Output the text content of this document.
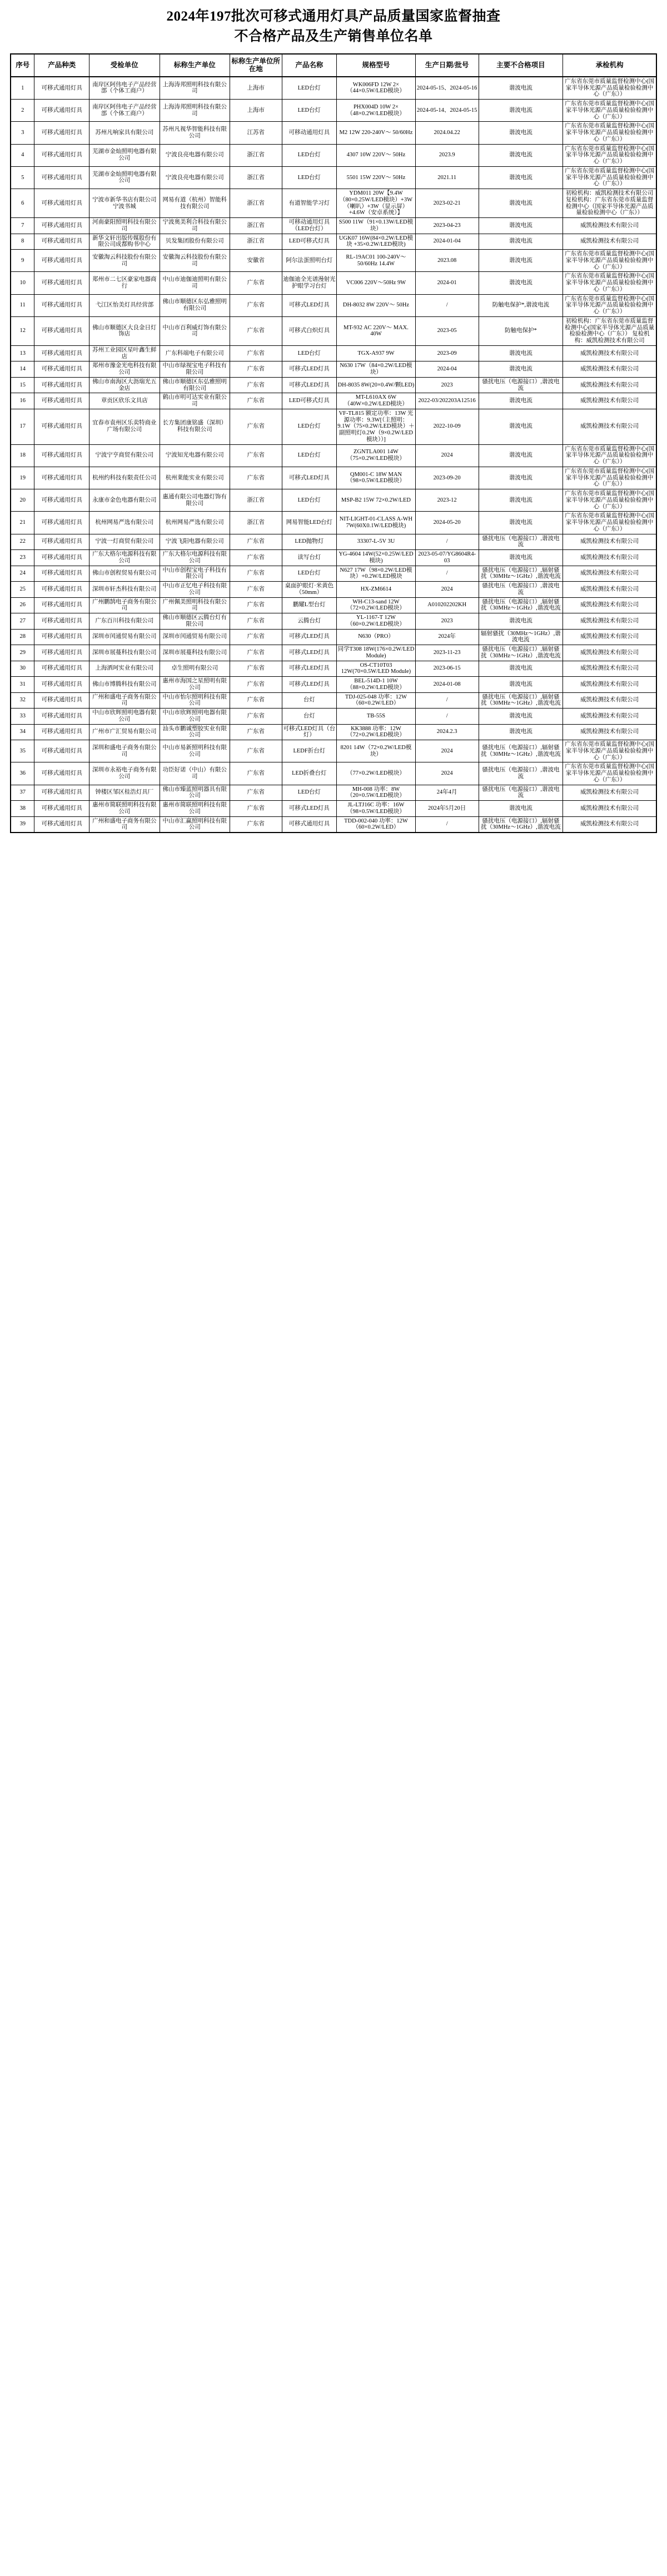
2024年197批次可移式通用灯具产品质量国家监督抽查
不合格产品及生产销售单位名单
序号	产品种类	受检单位	标称生产单位	标称生产单位所在地	产品名称	规格型号	生产日期/批号	主要不合格项目	承检机构
1	可移式通用灯具	南岸区阿伟电子产品经营部（个体工商户）	上海涛邦照明科技有限公司	上海市	LED台灯	WK006FD 12W 2×（44×0.5W/LED模块）	2024-05-15、2024-05-16	谐波电流	广东省东莞市质量监督检测中心(国家半导体光源产品质量检验检测中心（广东））
2	可移式通用灯具	南岸区阿伟电子产品经营部（个体工商户）	上海涛邦照明科技有限公司	上海市	LED台灯	PHX004D 10W 2×（48×0.2W/LED模块）	2024-05-14、2024-05-15	谐波电流	广东省东莞市质量监督检测中心(国家半导体光源产品质量检验检测中心（广东））
3	可移式通用灯具	苏州凡响家具有限公司	苏州凡视华智能科技有限公司	江苏省	可移动通用灯具	M2 12W 220-240V～ 50/60Hz	2024.04.22	谐波电流	广东省东莞市质量监督检测中心(国家半导体光源产品质量检验检测中心（广东））
4	可移式通用灯具	芜湖市金灿照明电器有限公司	宁波良亮电器有限公司	浙江省	LED台灯	4307 10W 220V～ 50Hz	2023.9	谐波电流	广东省东莞市质量监督检测中心(国家半导体光源产品质量检验检测中心（广东））
5	可移式通用灯具	芜湖市金灿照明电器有限公司	宁波良亮电器有限公司	浙江省	LED台灯	5501 15W 220V～ 50Hz	2021.11	谐波电流	广东省东莞市质量监督检测中心(国家半导体光源产品质量检验检测中心（广东））
6	可移式通用灯具	宁波市新华书店有限公司宁波书城	网易有道（杭州）智能科技有限公司	浙江省	有道智能学习灯	YDM011 20W【9.4W（80×0.25W/LED模块）+3W（喇叭）+3W（显示屏）+4.6W（安卓系统）】	2023-02-21	谐波电流	初检机构：威凯检测技术有限公司 复检机构：广东省东莞市质量监督检测中心（国家半导体光源产品质量检验检测中心（广东））
7	可移式通用灯具	河南豪阳照明科技有限公司	宁波奥美利合科技有限公司	浙江省	可移动通用灯具（LED台灯）	S500 11W（91×0.13W/LED模块）	2023-04-23	谐波电流	威凯检测技术有限公司
8	可移式通用灯具	新华文轩出版传媒股份有限公司成都购书中心	贝发集团股份有限公司	浙江省	LED可移式灯具	UGK07 16W(84×0.2W/LED模块 +35×0.2W/LED模块)	2024-01-04	谐波电流	威凯检测技术有限公司
9	可移式通用灯具	安徽淘云科技股份有限公司	安徽淘云科技股份有限公司	安徽省	阿尔法蛋照明台灯	RL-19AC01 100-240V～50/60Hz 14.4W	2023.08	谐波电流	广东省东莞市质量监督检测中心(国家半导体光源产品质量检验检测中心（广东））
10	可移式通用灯具	郑州市二七区豪家电器商行	中山市迪伽迪照明有限公司	广东省	迪伽迪全光谱漫射光护眼学习台灯	VC006 220V～50Hz 9W	2024-01	谐波电流	广东省东莞市质量监督检测中心(国家半导体光源产品质量检验检测中心（广东））
11	可移式通用灯具	弋江区怡美灯具经营部	佛山市顺德区东弘雅照明有限公司	广东省	可移式LED灯具	DH-8032 8W 220V～ 50Hz	/	防触电保护*,谐波电流	广东省东莞市质量监督检测中心(国家半导体光源产品质量检验检测中心（广东））
12	可移式通用灯具	佛山市顺德区大良金日灯饰店	中山市百利威灯饰有限公司	广东省	可移式白炽灯具	MT-932 AC 220V～ MAX. 40W	2023-05	防触电保护*	初检机构：广东省东莞市质量监督检测中心(国家半导体光源产品质量检验检测中心（广东）） 复检机构：威凯检测技术有限公司
13	可移式通用灯具	苏州工业园区星叶鑫生鲜店	广东科端电子有限公司	广东省	LED台灯	TGX-A937 9W	2023-09	谐波电流	威凯检测技术有限公司
14	可移式通用灯具	郑州市豫金光电科技有限公司	中山市绿视宝电子科技有限公司	广东省	可移式LED灯具	N630 17W（84×0.2W/LED模块）	2024-04	谐波电流	威凯检测技术有限公司
15	可移式通用灯具	佛山市南海区大沥瑞光五金店	佛山市顺德区东弘雅照明有限公司	广东省	可移式LED灯具	DH-8035 8W(20×0.4W/颗LED)	2023	骚扰电压（电源接口）,谐波电流	威凯检测技术有限公司
16	可移式通用灯具	章贡区欣乐文具店	鹤山市明可达实业有限公司	广东省	LED可移式灯具	MT-L610AX 6W（40W×0.2W/LED模块）	2022-03/202203A12516	谐波电流	威凯检测技术有限公司
17	可移式通用灯具	宜春市袁州区乐卖特商业广场有限公司	长方集团康铭盛（深圳）科技有限公司	广东省	LED台灯	VF-TL815 额定功率：13W 光源功率：9.3W[（主照明：9.1W（75×0.2W/LED模块）＋副照明灯0.2W（9×0.2W/LED模块））]	2022-10-09	谐波电流	威凯检测技术有限公司
18	可移式通用灯具	宁波宁亨商贸有限公司	宁波知光电器有限公司	广东省	LED台灯	ZGNTLA001 14W（75×0.2W/LED模块）	2024	谐波电流	广东省东莞市质量监督检测中心(国家半导体光源产品质量检验检测中心（广东））
19	可移式通用灯具	杭州约科技有限责任公司	杭州莱能实业有限公司	广东省	可移式LED灯具	QM001-C 18W MAN（98×0.5W/LED模块）	2023-09-20	谐波电流	广东省东莞市质量监督检测中心(国家半导体光源产品质量检验检测中心（广东））
20	可移式通用灯具	永康市金色电器有限公司	惠通有限公司电器灯饰有限公司	浙江省	LED台灯	MSP-B2 15W 72×0.2W/LED	2023-12	谐波电流	广东省东莞市质量监督检测中心(国家半导体光源产品质量检验检测中心（广东））
21	可移式通用灯具	杭州网易严选有限公司	杭州网易严选有限公司	浙江省	网易智能LED台灯	NIT-LIGHT-01-CLASS A-WH 7W(60X0.1W/LED模块)	2024-05-20	谐波电流	广东省东莞市质量监督检测中心(国家半导体光源产品质量检验检测中心（广东））
22	可移式通用灯具	宁波一灯商贸有限公司	宁波飞阳电器有限公司	广东省	LED抛物灯	33307-L-5V 3U	/	骚扰电压（电源接口）,谐波电流	威凯检测技术有限公司
23	可移式通用灯具	广东大格尔电源科技有限公司	广东大格尔电源科技有限公司	广东省	读写台灯	YG-4604 14W(52×0.25W/LED模块)	2023-05-07/YG8604R4-03	谐波电流	威凯检测技术有限公司
24	可移式通用灯具	佛山市创程贸易有限公司	中山市创程宝电子科技有限公司	广东省	LED台灯	N627 17W（98×0.2W/LED模块）+0.2W/LED模块	/	骚扰电压（电源接口）,辐射骚扰（30MHz～1GHz）,谐波电流	威凯检测技术有限公司
25	可移式通用灯具	深圳市轩杰科技有限公司	中山市正忆电子科技有限公司	广东省	桌面护眼灯·米黄色（50mm）	HX-ZM6614	2024	骚扰电压（电源接口）,谐波电流	威凯检测技术有限公司
26	可移式通用灯具	广州鹏鹄电子商务有限公司	广州佩美照明科技有限公司	广东省	鹏耀L型台灯	WH-C13-sand 12W（72×0.2W/LED模块）	A010202202KH	骚扰电压（电源接口）,辐射骚扰（30MHz～1GHz）,谐波电流	威凯检测技术有限公司
27	可移式通用灯具	广东百川科技有限公司	佛山市顺德区云腾台灯有限公司	广东省	云腾台灯	YL-1167-T 12W（60×0.2W/LED模块）	2023	谐波电流	威凯检测技术有限公司
28	可移式通用灯具	深圳市闰通贸易有限公司	深圳市闰通贸易有限公司	广东省	可移式LED灯具	N630（PRO）	2024年	辐射骚扰（30MHz～1GHz）,谐波电流	威凯检测技术有限公司
29	可移式通用灯具	深圳市展蔓科技有限公司	深圳市展蔓科技有限公司	广东省	可移式LED灯具	同学T308 18W(176×0.2W/LED Module)	2023-11-23	骚扰电压（电源接口）,辐射骚扰（30MHz～1GHz）,谐波电流	威凯检测技术有限公司
30	可移式通用灯具	上海洒珂实业有限公司	卓生照明有限公司	广东省	可移式LED灯具	OS-CT10T03 12W(70×0.5W/LED Module)	2023-06-15	谐波电流	威凯检测技术有限公司
31	可移式通用灯具	佛山市博腾科技有限公司	惠州市海国之星照明有限公司	广东省	可移式LED灯具	BEL-514D-1 10W（88×0.2W/LED模块）	2024-01-08	谐波电流	威凯检测技术有限公司
32	可移式通用灯具	广州和盛电子商务有限公司	中山市怡尔照明科技有限公司	广东省	台灯	TDJ-025-048 功率：12W（60×0.2W/LED）	/	骚扰电压（电源接口）,辐射骚扰（30MHz～1GHz）,谐波电流	威凯检测技术有限公司
33	可移式通用灯具	中山市欣辉照明电器有限公司	中山市欣辉照明电器有限公司	广东省	台灯	TB-55S	/	谐波电流	威凯检测技术有限公司
34	可移式通用灯具	广州市广汇贸易有限公司	汕头市鹏诚塑胶实业有限公司	广东省	可移式LED灯具（台灯）	KK3888 功率：12W（72×0.2W/LED模块）	2024.2.3	谐波电流	威凯检测技术有限公司
35	可移式通用灯具	深圳和盛电子商务有限公司	中山市易新照明科技有限公司	广东省	LEDF折台灯	8201 14W（72×0.2W/LED模块）	2024	骚扰电压（电源接口）,辐射骚扰（30MHz～1GHz）,谐波电流	广东省东莞市质量监督检测中心(国家半导体光源产品质量检验检测中心（广东））
36	可移式通用灯具	深圳市永裕电子商务有限公司	功臣好诺（中山）有限公司	广东省	LED折叠台灯	（77×0.2W/LED模块）	2024	骚扰电压（电源接口）,谐波电流	广东省东莞市质量监督检测中心(国家半导体光源产品质量检验检测中心（广东））
37	可移式通用灯具	钟楼区邹区桂浩灯具厂	佛山市臻蓝照明器具有限公司	广东省	LED台灯	MH-008 功率：8W（20×0.5W/LED模块）	24年4月	骚扰电压（电源接口）,谐波电流	威凯检测技术有限公司
38	可移式通用灯具	惠州市简联照明科技有限公司	惠州市简联照明科技有限公司	广东省	可移式LED灯具	JL-LTJ16C 功率：16W（98×0.5W/LED模块）	2024年5月20日	谐波电流	威凯检测技术有限公司
39	可移式通用灯具	广州和盛电子商务有限公司	中山市汇赢照明科技有限公司	广东省	可移式通用灯具	TDD-002-040 功率：12W（60×0.2W/LED）	/	骚扰电压（电源接口）,辐射骚扰（30MHz～1GHz）,谐波电流	威凯检测技术有限公司
